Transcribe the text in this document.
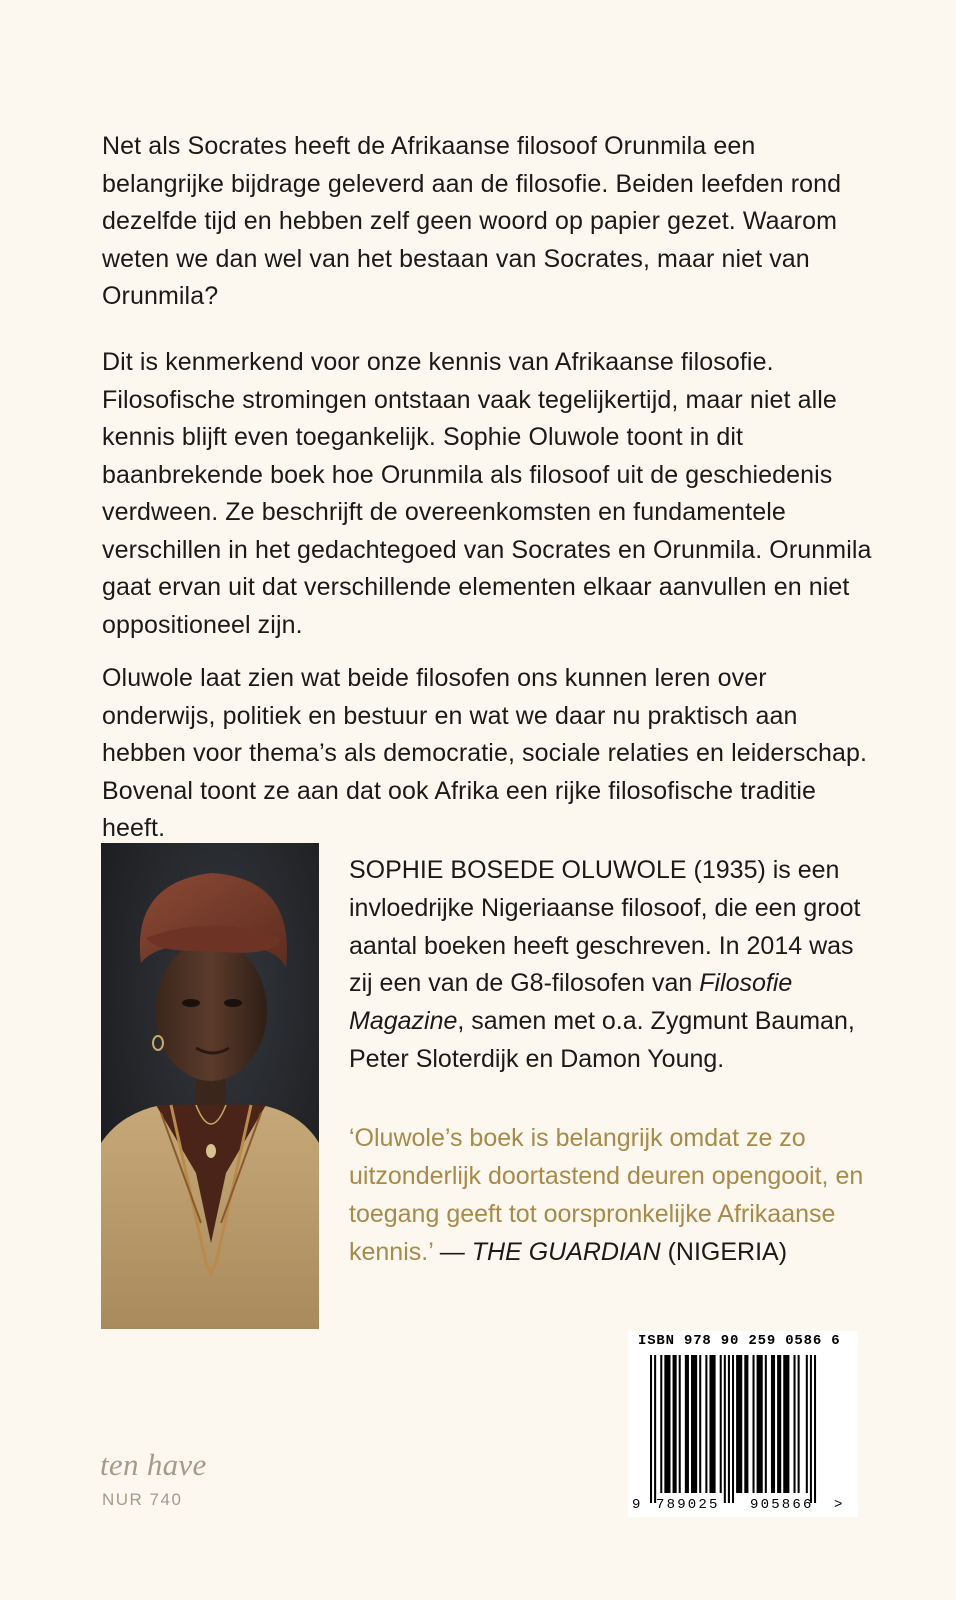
Net als Socrates heeft de Afrikaanse filosoof Orunmila een belangrijke bijdrage geleverd aan de filosofie. Beiden leefden rond dezelfde tijd en hebben zelf geen woord op papier gezet. Waarom weten we dan wel van het bestaan van Socrates, maar niet van Orunmila?

Dit is kenmerkend voor onze kennis van Afrikaanse filosofie. Filosofische stromingen ontstaan vaak tegelijkertijd, maar niet alle kennis blijft even toegankelijk. Sophie Oluwole toont in dit baanbrekende boek hoe Orunmila als filosoof uit de geschiedenis verdween. Ze beschrijft de overeenkomsten en fundamentele verschillen in het gedachtegoed van Socrates en Orunmila. Orunmila gaat ervan uit dat verschillende elementen elkaar aanvullen en niet oppositioneel zijn.

Oluwole laat zien wat beide filosofen ons kunnen leren over onderwijs, politiek en bestuur en wat we daar nu praktisch aan hebben voor thema’s als democratie, sociale relaties en leiderschap. Bovenal toont ze aan dat ook Afrika een rijke filosofische traditie heeft.

SOPHIE BOSEDE OLUWOLE (1935) is een invloedrijke Nigeriaanse filosoof, die een groot aantal boeken heeft geschreven. In 2014 was zij een van de G8-filosofen van Filosofie Magazine, samen met o.a. Zygmunt Bauman, Peter Sloterdijk en Damon Young.

‘Oluwole’s boek is belangrijk omdat ze zo uitzonderlijk doortastend deuren opengooit, en toegang geeft tot oorspronkelijke Afrikaanse kennis.’ — THE GUARDIAN (NIGERIA)

ten have
NUR 740
ISBN 978 90 259 0586 6
9 789025 905866 >
